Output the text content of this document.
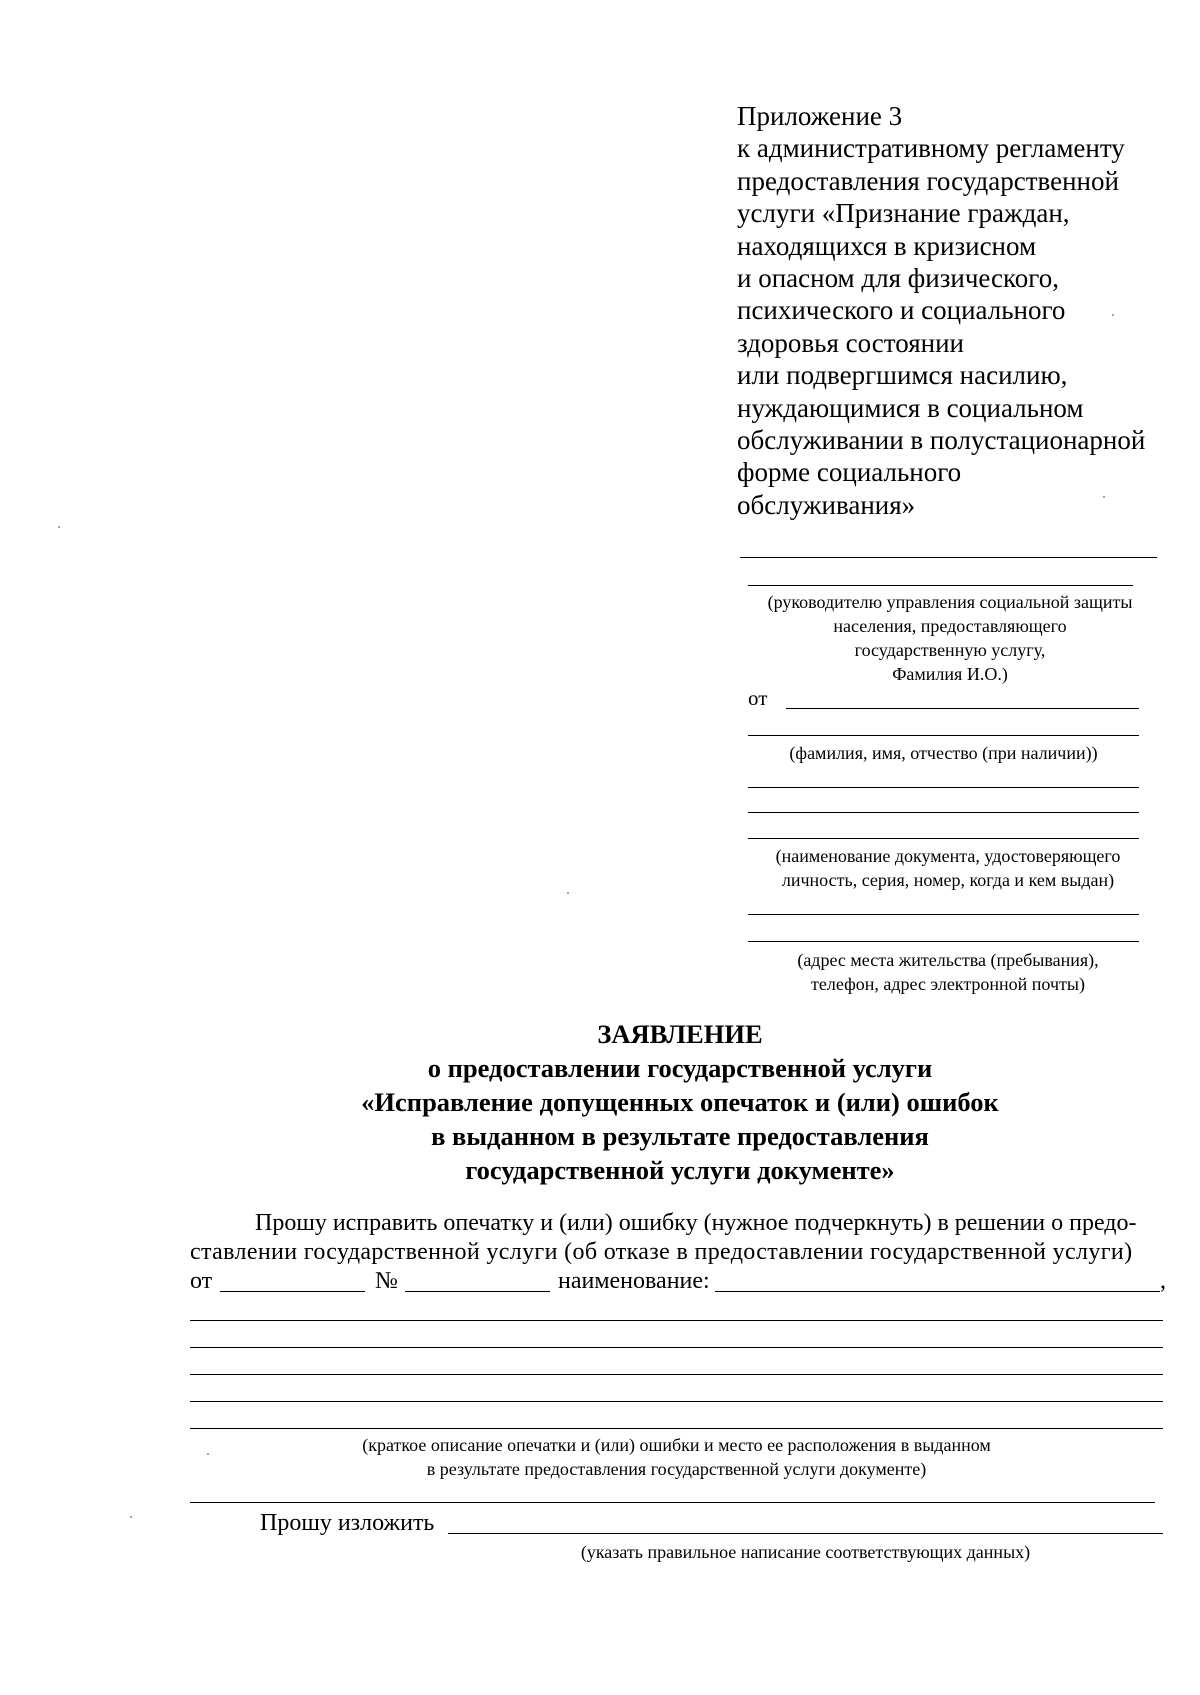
Приложение 3
к административному регламенту
предоставления государственной
услуги «Признание граждан,
находящихся в кризисном
и опасном для физического,
психического и социального
здоровья состоянии
или подвергшимся насилию,
нуждающимися в социальном
обслуживании в полустационарной
форме социального
обслуживания»
(руководителю управления социальной защиты
населения, предоставляющего
государственную услугу,
Фамилия И.О.)
от
(фамилия, имя, отчество (при наличии))
(наименование документа, удостоверяющего
личность, серия, номер, когда и кем выдан)
(адрес места жительства (пребывания),
телефон, адрес электронной почты)
ЗАЯВЛЕНИЕ
о предоставлении государственной услуги
«Исправление допущенных опечаток и (или) ошибок
в выданном в результате предоставления
государственной услуги документе»
Прошу исправить опечатку и (или) ошибку (нужное подчеркнуть) в решении о предо-
ставлении государственной услуги (об отказе в предоставлении государственной услуги)
от	№	наименование:	,
(краткое описание опечатки и (или) ошибки и место ее расположения в выданном
в результате предоставления государственной услуги документе)
Прошу изложить
(указать правильное написание соответствующих данных)
